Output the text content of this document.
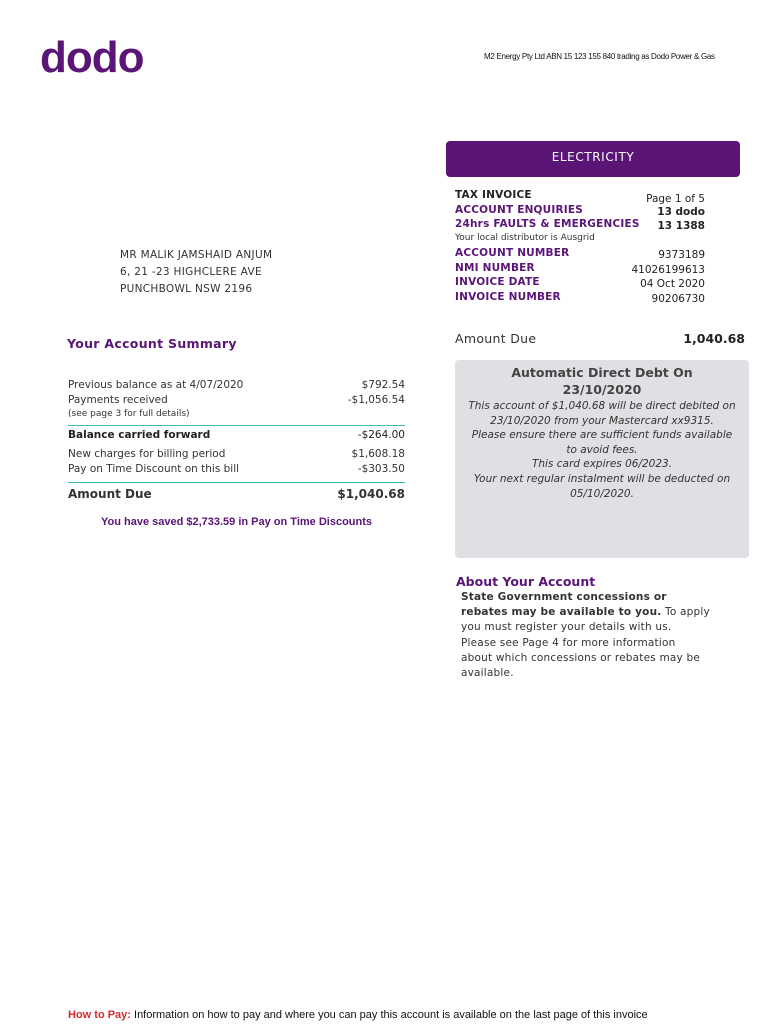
dodo	M2 Energy Pty Ltd ABN 15 123 155 840 trading as Dodo Power & Gas
ELECTRICITY
TAX INVOICE	Page 1 of 5
ACCOUNT ENQUIRIES	13 dodo
24hrs FAULTS & EMERGENCIES	13 1388
Your local distributor is Ausgrid
ACCOUNT NUMBER	9373189
NMI NUMBER	41026199613
INVOICE DATE	04 Oct 2020
INVOICE NUMBER	90206730
MR MALIK JAMSHAID ANJUM
6, 21 -23 HIGHCLERE AVE
PUNCHBOWL NSW 2196
Your Account Summary
Previous balance as at 4/07/2020	$792.54
Payments received	-$1,056.54
(see page 3 for full details)
Balance carried forward	-$264.00
New charges for billing period	$1,608.18
Pay on Time Discount on this bill	-$303.50
Amount Due	$1,040.68
You have saved $2,733.59 in Pay on Time Discounts
Amount Due	1,040.68
Automatic Direct Debt On
23/10/2020
This account of $1,040.68 will be direct debited on
23/10/2020 from your Mastercard xx9315.
Please ensure there are sufficient funds available
to avoid fees.
This card expires 06/2023.
Your next regular instalment will be deducted on
05/10/2020.
About Your Account
State Government concessions or
rebates may be available to you. To apply
you must register your details with us.
Please see Page 4 for more information
about which concessions or rebates may be
available.
How to Pay: Information on how to pay and where you can pay this account is available on the last page of this invoice
